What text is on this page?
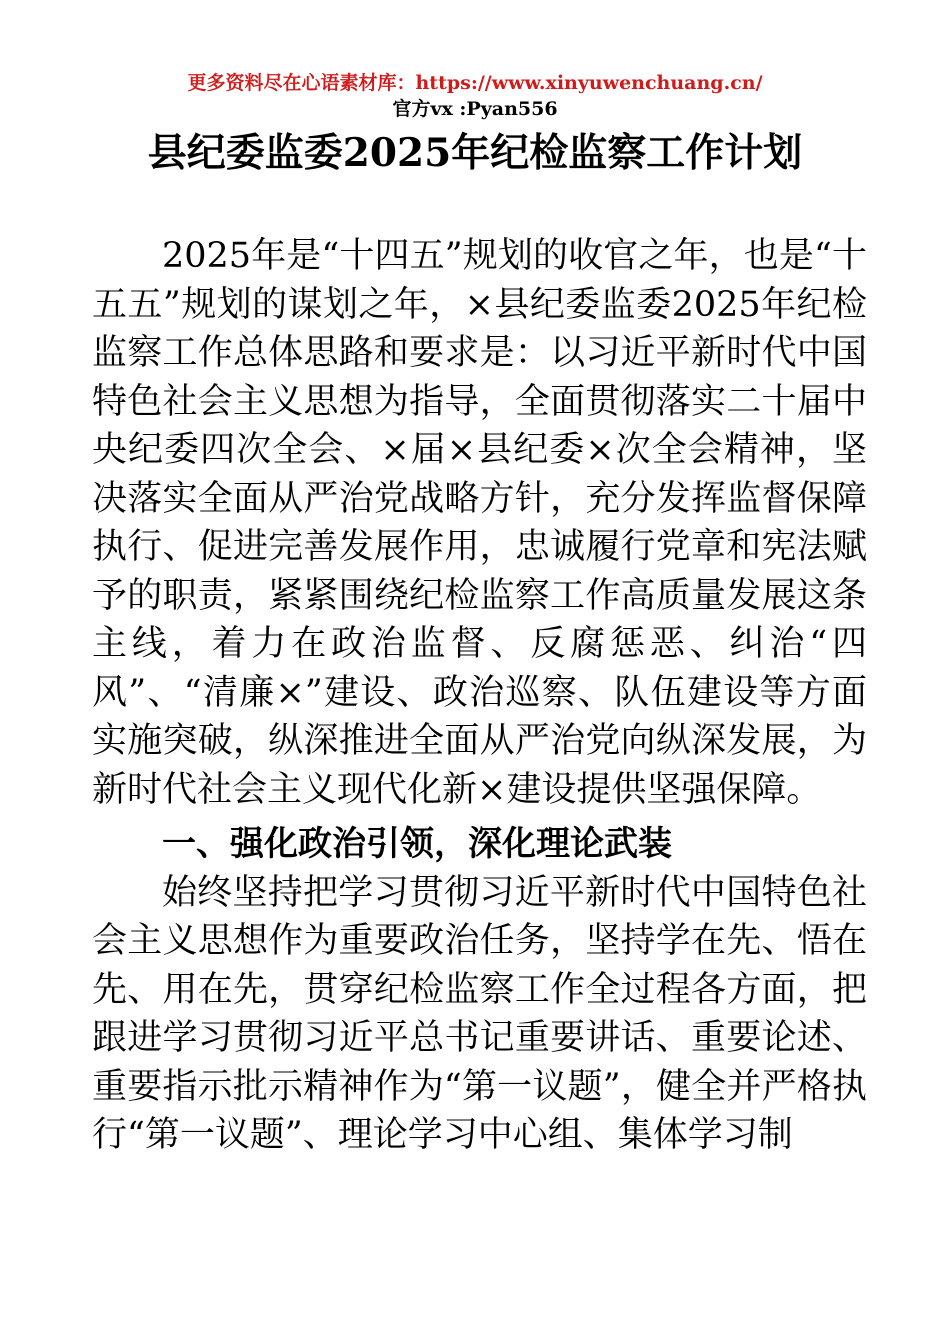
更多资料尽在心语素材库：https://www.xinyuwenchuang.cn/
官方vx :Pyan556
县纪委监委2025年纪检监察工作计划

2025年是“十四五”规划的收官之年，也是“十五五”规划的谋划之年，×县纪委监委2025年纪检监察工作总体思路和要求是：以习近平新时代中国特色社会主义思想为指导，全面贯彻落实二十届中央纪委四次全会、×届×县纪委×次全会精神，坚决落实全面从严治党战略方针，充分发挥监督保障执行、促进完善发展作用，忠诚履行党章和宪法赋予的职责，紧紧围绕纪检监察工作高质量发展这条主线，着力在政治监督、反腐惩恶、纠治“四风”、“清廉×”建设、政治巡察、队伍建设等方面实施突破，纵深推进全面从严治党向纵深发展，为新时代社会主义现代化新×建设提供坚强保障。

一、强化政治引领，深化理论武装

始终坚持把学习贯彻习近平新时代中国特色社会主义思想作为重要政治任务，坚持学在先、悟在先、用在先，贯穿纪检监察工作全过程各方面，把跟进学习贯彻习近平总书记重要讲话、重要论述、重要指示批示精神作为“第一议题”，健全并严格执行“第一议题”、理论学习中心组、集体学习制
